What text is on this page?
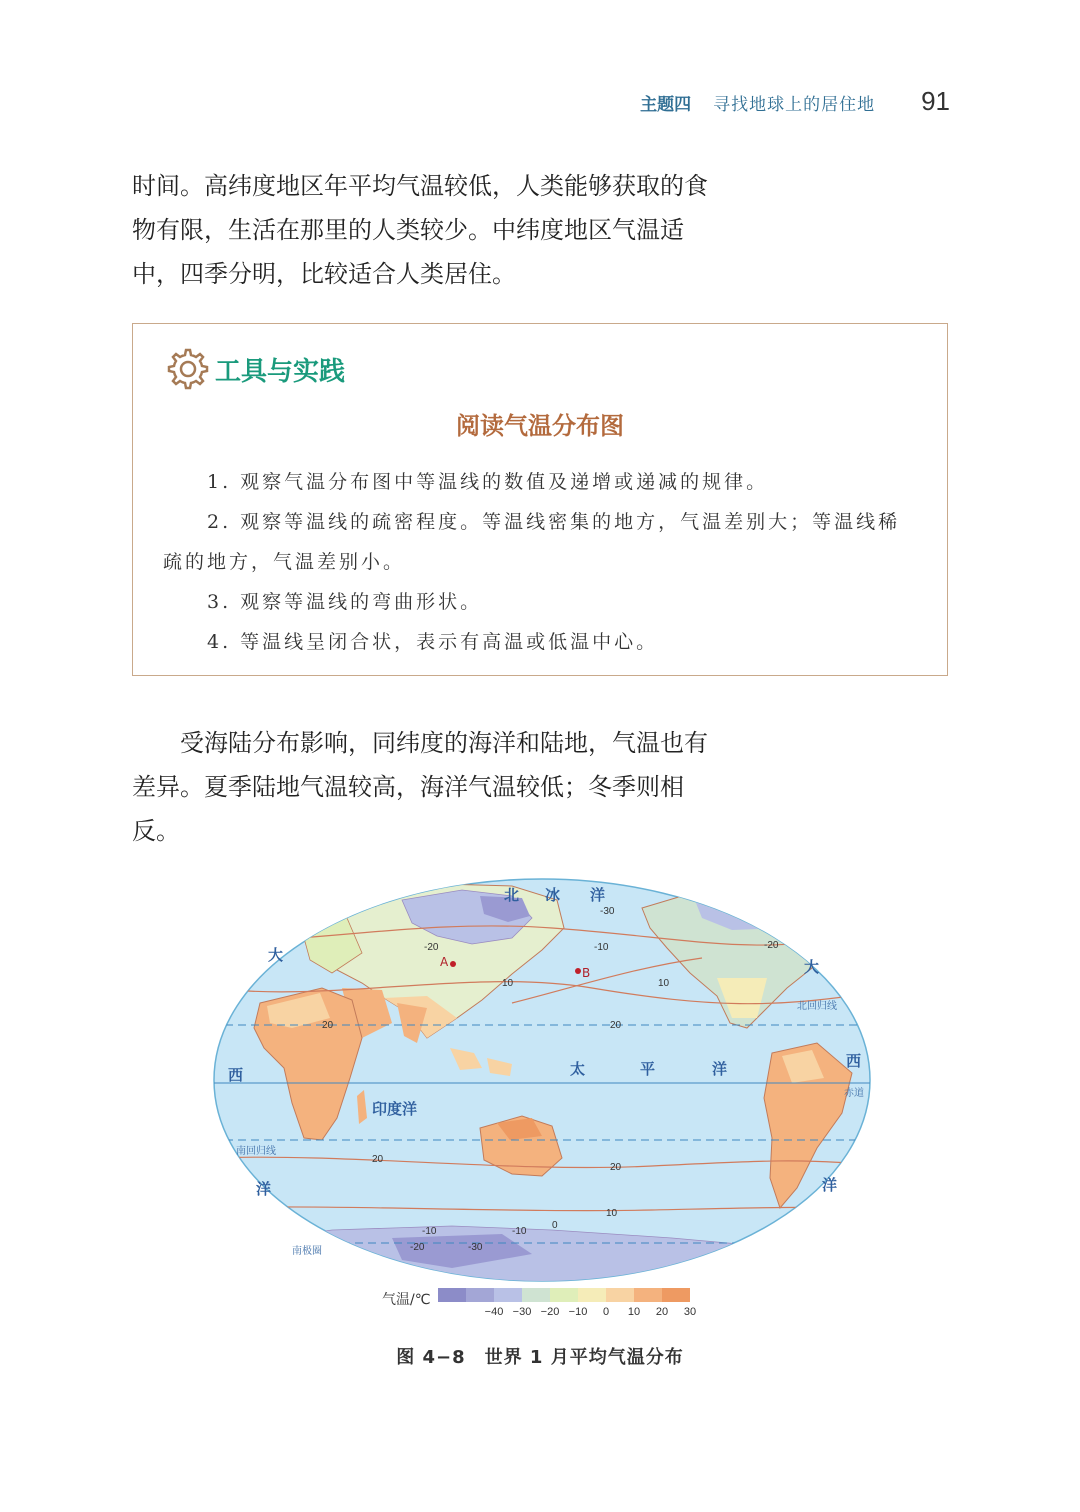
主题四 寻找地球上的居住地 91

时间。高纬度地区年平均气温较低，人类能够获取的食物有限，生活在那里的人类较少。中纬度地区气温适中，四季分明，比较适合人类居住。

工具与实践
阅读气温分布图

1. 观察气温分布图中等温线的数值及递增或递减的规律。

2. 观察等温线的疏密程度。等温线密集的地方，气温差别大；等温线稀疏的地方，气温差别小。

3. 观察等温线的弯曲形状。

4. 等温线呈闭合状，表示有高温或低温中心。

受海陆分布影响，同纬度的海洋和陆地，气温也有差异。夏季陆地气温较高，海洋气温较低；冬季则相反。

北 冰 洋
太	平	洋
印度洋
大
西
洋
大
西
洋
北回归线
赤道
南回归线
南极圈
A
B
-30
-20	-10
10
10
20
20
-20
20
20
10
-10
0
-20	-30
-10
气温/℃
−40 −30 −20 −10 0 10 20 30
图 4−8　世界 1 月平均气温分布
